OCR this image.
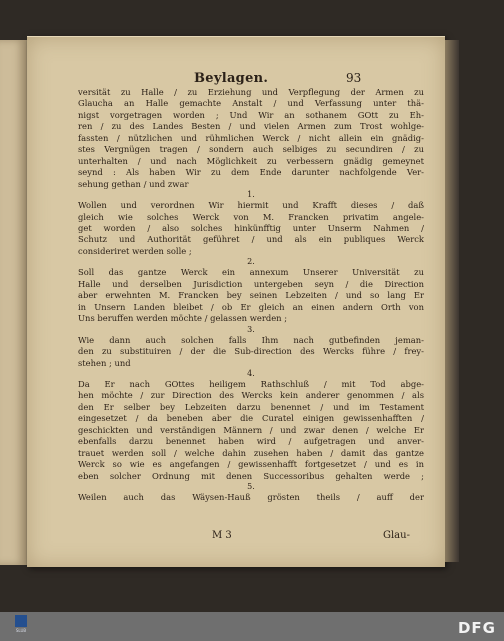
Beylagen.	93
versität zu Halle / zu Erziehung und Verpflegung der Armen zu
Glaucha an Halle gemachte Anstalt / und Verfassung unter thä-
nigst vorgetragen worden ; Und Wir an sothanem GOtt zu Eh-
ren / zu des Landes Besten / und vielen Armen zum Trost wohlge-
fassten / nützlichen und rühmlichen Werck / nicht allein ein gnädig-
stes Vergnügen tragen / sondern auch selbiges zu secundiren / zu
unterhalten / und nach Möglichkeit zu verbessern gnädig gemeynet
seynd : Als haben Wir zu dem Ende darunter nachfolgende Ver-
sehung gethan / und zwar
1.
Wollen und verordnen Wir hiermit und Krafft dieses / daß
gleich wie solches Werck von M. Francken privatim angele-
get worden / also solches hinkünfftig unter Unserm Nahmen /
Schutz und Authorität geführet / und als ein publiques Werck
consideriret werden solle ;
2.
Soll das gantze Werck ein annexum Unserer Universität zu
Halle und derselben Jurisdiction untergeben seyn / die Direction
aber erwehnten M. Francken bey seinen Lebzeiten / und so lang Er
in Unsern Landen bleibet / ob Er gleich an einen andern Orth von
Uns beruffen werden möchte / gelassen werden ;
3.
Wie dann auch solchen falls Ihm nach gutbefinden jeman-
den zu substituiren / der die Sub-direction des Wercks führe / frey-
stehen ; und
4.
Da Er nach GOttes heiligem Rathschluß / mit Tod abge-
hen möchte / zur Direction des Wercks kein anderer genommen / als
den Er selber bey Lebzeiten darzu benennet / und im Testament
eingesetzet / da beneben aber die Curatel einigen gewissenhafften /
geschickten und verständigen Männern / und zwar denen / welche Er
ebenfalls darzu benennet haben wird / aufgetragen und anver-
trauet werden soll / welche dahin zusehen haben / damit das gantze
Werck so wie es angefangen / gewissenhafft fortgesetzet / und es in
eben solcher Ordnung mit denen Successoribus gehalten werde ;
5.
Weilen auch das Wäysen-Hauß grösten theils / auff der
M 3	Glau-
SLUB	DFG
